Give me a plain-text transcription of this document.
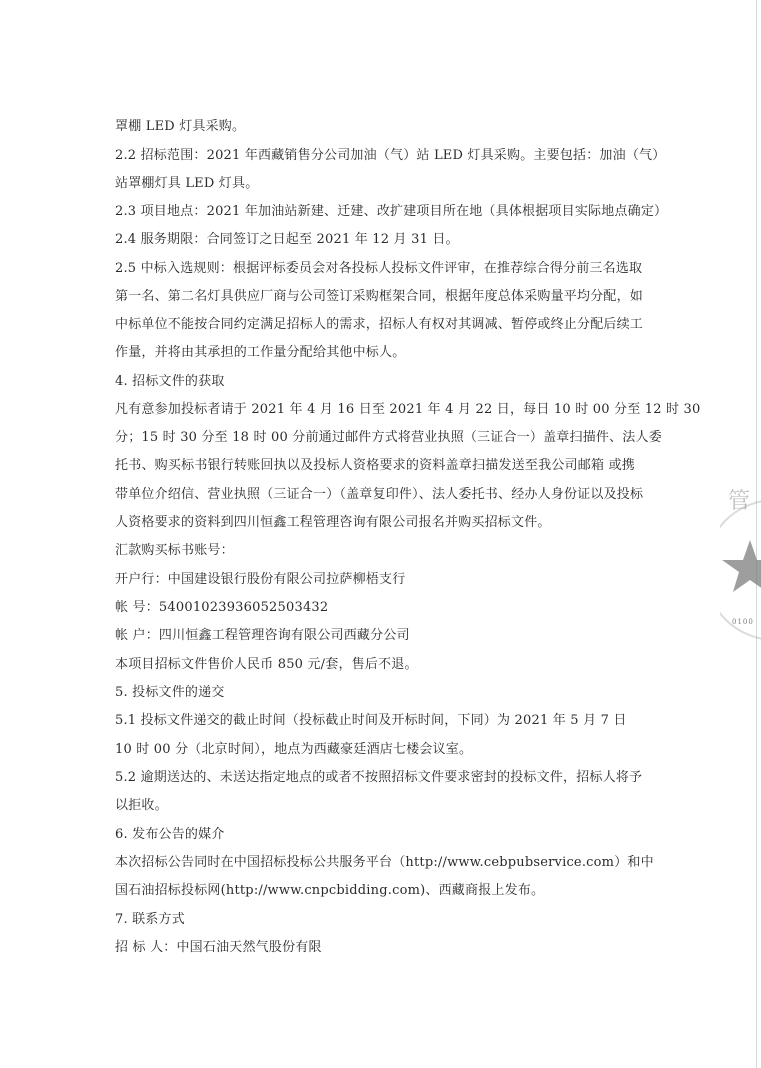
罩棚 LED 灯具采购。
2.2 招标范围：2021 年西藏销售分公司加油（气）站 LED 灯具采购。主要包括：加油（气）
站罩棚灯具 LED 灯具。
2.3 项目地点：2021 年加油站新建、迁建、改扩建项目所在地（具体根据项目实际地点确定）
2.4 服务期限：合同签订之日起至 2021 年 12 月 31 日。
2.5 中标入选规则：根据评标委员会对各投标人投标文件评审，在推荐综合得分前三名选取
第一名、第二名灯具供应厂商与公司签订采购框架合同，根据年度总体采购量平均分配，如
中标单位不能按合同约定满足招标人的需求，招标人有权对其调减、暂停或终止分配后续工
作量，并将由其承担的工作量分配给其他中标人。
4. 招标文件的获取
凡有意参加投标者请于 2021 年 4 月 16 日至 2021 年 4 月 22 日，每日 10 时 00 分至 12 时 30
分；15 时 30 分至 18 时 00 分前通过邮件方式将营业执照（三证合一）盖章扫描件、法人委
托书、购买标书银行转账回执以及投标人资格要求的资料盖章扫描发送至我公司邮箱 或携
带单位介绍信、营业执照（三证合一）（盖章复印件）、法人委托书、经办人身份证以及投标
人资格要求的资料到四川恒鑫工程管理咨询有限公司报名并购买招标文件。
汇款购买标书账号：
开户行：中国建设银行股份有限公司拉萨柳梧支行
帐 号：54001023936052503432
帐 户：四川恒鑫工程管理咨询有限公司西藏分公司
本项目招标文件售价人民币 850 元/套，售后不退。
5. 投标文件的递交
5.1 投标文件递交的截止时间（投标截止时间及开标时间，下同）为 2021 年 5 月 7 日
10 时 00 分（北京时间），地点为西藏豪廷酒店七楼会议室。
5.2 逾期送达的、未送达指定地点的或者不按照招标文件要求密封的投标文件，招标人将予
以拒收。
6. 发布公告的媒介
本次招标公告同时在中国招标投标公共服务平台（http://www.cebpubservice.com）和中
国石油招标投标网(http://www.cnpcbidding.com)、西藏商报上发布。
7. 联系方式
招 标 人：中国石油天然气股份有限
管
0100
